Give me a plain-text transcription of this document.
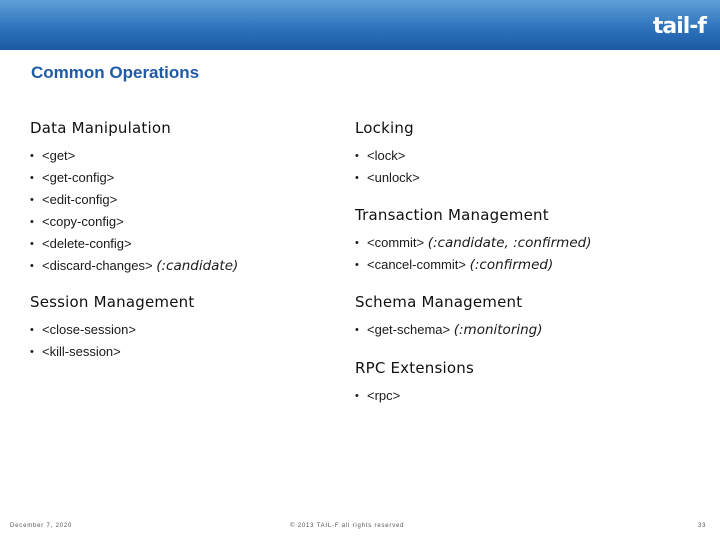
tail-f
Common Operations
Data Manipulation
• <get>
• <get-config>
• <edit-config>
• <copy-config>
• <delete-config>
• <discard-changes> (:candidate)
Locking
• <lock>
• <unlock>
Transaction Management
• <commit> (:candidate, :confirmed)
• <cancel-commit> (:confirmed)
Session Management
• <close-session>
• <kill-session>
Schema Management
• <get-schema> (:monitoring)
RPC Extensions
• <rpc>
December 7, 2020	© 2013 TAIL-F all rights reserved	33
